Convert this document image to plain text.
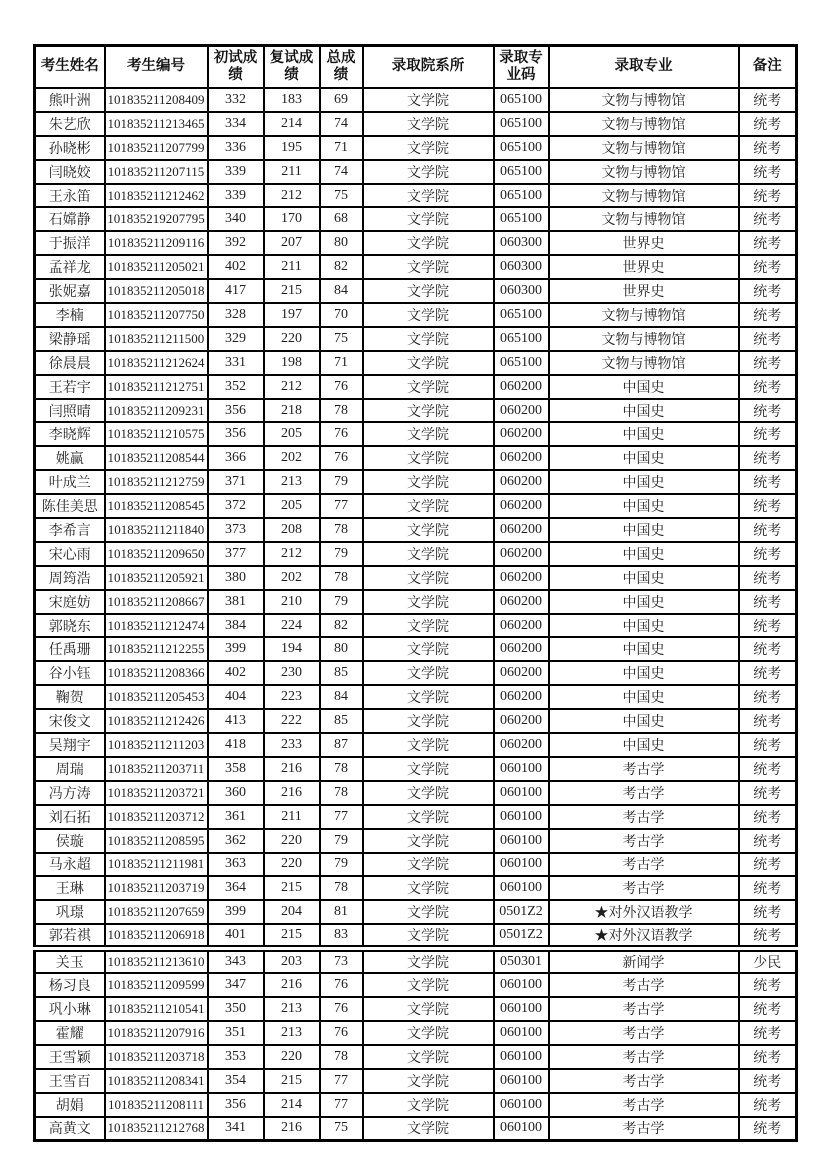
考生姓名	考生编号	初试成绩	复试成绩	总成绩	录取院系所	录取专业码	录取专业	备注
熊叶洲	101835211208409	332	183	69	文学院	065100	文物与博物馆	统考
朱艺欣	101835211213465	334	214	74	文学院	065100	文物与博物馆	统考
孙晓彬	101835211207799	336	195	71	文学院	065100	文物与博物馆	统考
闫晓姣	101835211207115	339	211	74	文学院	065100	文物与博物馆	统考
王永笛	101835211212462	339	212	75	文学院	065100	文物与博物馆	统考
石嫦静	101835219207795	340	170	68	文学院	065100	文物与博物馆	统考
于振洋	101835211209116	392	207	80	文学院	060300	世界史	统考
孟祥龙	101835211205021	402	211	82	文学院	060300	世界史	统考
张妮嘉	101835211205018	417	215	84	文学院	060300	世界史	统考
李楠	101835211207750	328	197	70	文学院	065100	文物与博物馆	统考
梁静瑶	101835211211500	329	220	75	文学院	065100	文物与博物馆	统考
徐晨晨	101835211212624	331	198	71	文学院	065100	文物与博物馆	统考
王若宇	101835211212751	352	212	76	文学院	060200	中国史	统考
闫照晴	101835211209231	356	218	78	文学院	060200	中国史	统考
李晓辉	101835211210575	356	205	76	文学院	060200	中国史	统考
姚赢	101835211208544	366	202	76	文学院	060200	中国史	统考
叶成兰	101835211212759	371	213	79	文学院	060200	中国史	统考
陈佳美思	101835211208545	372	205	77	文学院	060200	中国史	统考
李希言	101835211211840	373	208	78	文学院	060200	中国史	统考
宋心雨	101835211209650	377	212	79	文学院	060200	中国史	统考
周筠浩	101835211205921	380	202	78	文学院	060200	中国史	统考
宋庭妨	101835211208667	381	210	79	文学院	060200	中国史	统考
郭晓东	101835211212474	384	224	82	文学院	060200	中国史	统考
任禹珊	101835211212255	399	194	80	文学院	060200	中国史	统考
谷小钰	101835211208366	402	230	85	文学院	060200	中国史	统考
鞠贺	101835211205453	404	223	84	文学院	060200	中国史	统考
宋俊文	101835211212426	413	222	85	文学院	060200	中国史	统考
吴翔宇	101835211211203	418	233	87	文学院	060200	中国史	统考
周瑞	101835211203711	358	216	78	文学院	060100	考古学	统考
冯方涛	101835211203721	360	216	78	文学院	060100	考古学	统考
刘石拓	101835211203712	361	211	77	文学院	060100	考古学	统考
侯璇	101835211208595	362	220	79	文学院	060100	考古学	统考
马永超	101835211211981	363	220	79	文学院	060100	考古学	统考
王琳	101835211203719	364	215	78	文学院	060100	考古学	统考
巩璟	101835211207659	399	204	81	文学院	0501Z2	★对外汉语教学	统考
郭若祺	101835211206918	401	215	83	文学院	0501Z2	★对外汉语教学	统考
关玉	101835211213610	343	203	73	文学院	050301	新闻学	少民
杨习良	101835211209599	347	216	76	文学院	060100	考古学	统考
巩小琳	101835211210541	350	213	76	文学院	060100	考古学	统考
霍耀	101835211207916	351	213	76	文学院	060100	考古学	统考
王雪颖	101835211203718	353	220	78	文学院	060100	考古学	统考
王雪百	101835211208341	354	215	77	文学院	060100	考古学	统考
胡娟	101835211208111	356	214	77	文学院	060100	考古学	统考
高黄文	101835211212768	341	216	75	文学院	060100	考古学	统考
